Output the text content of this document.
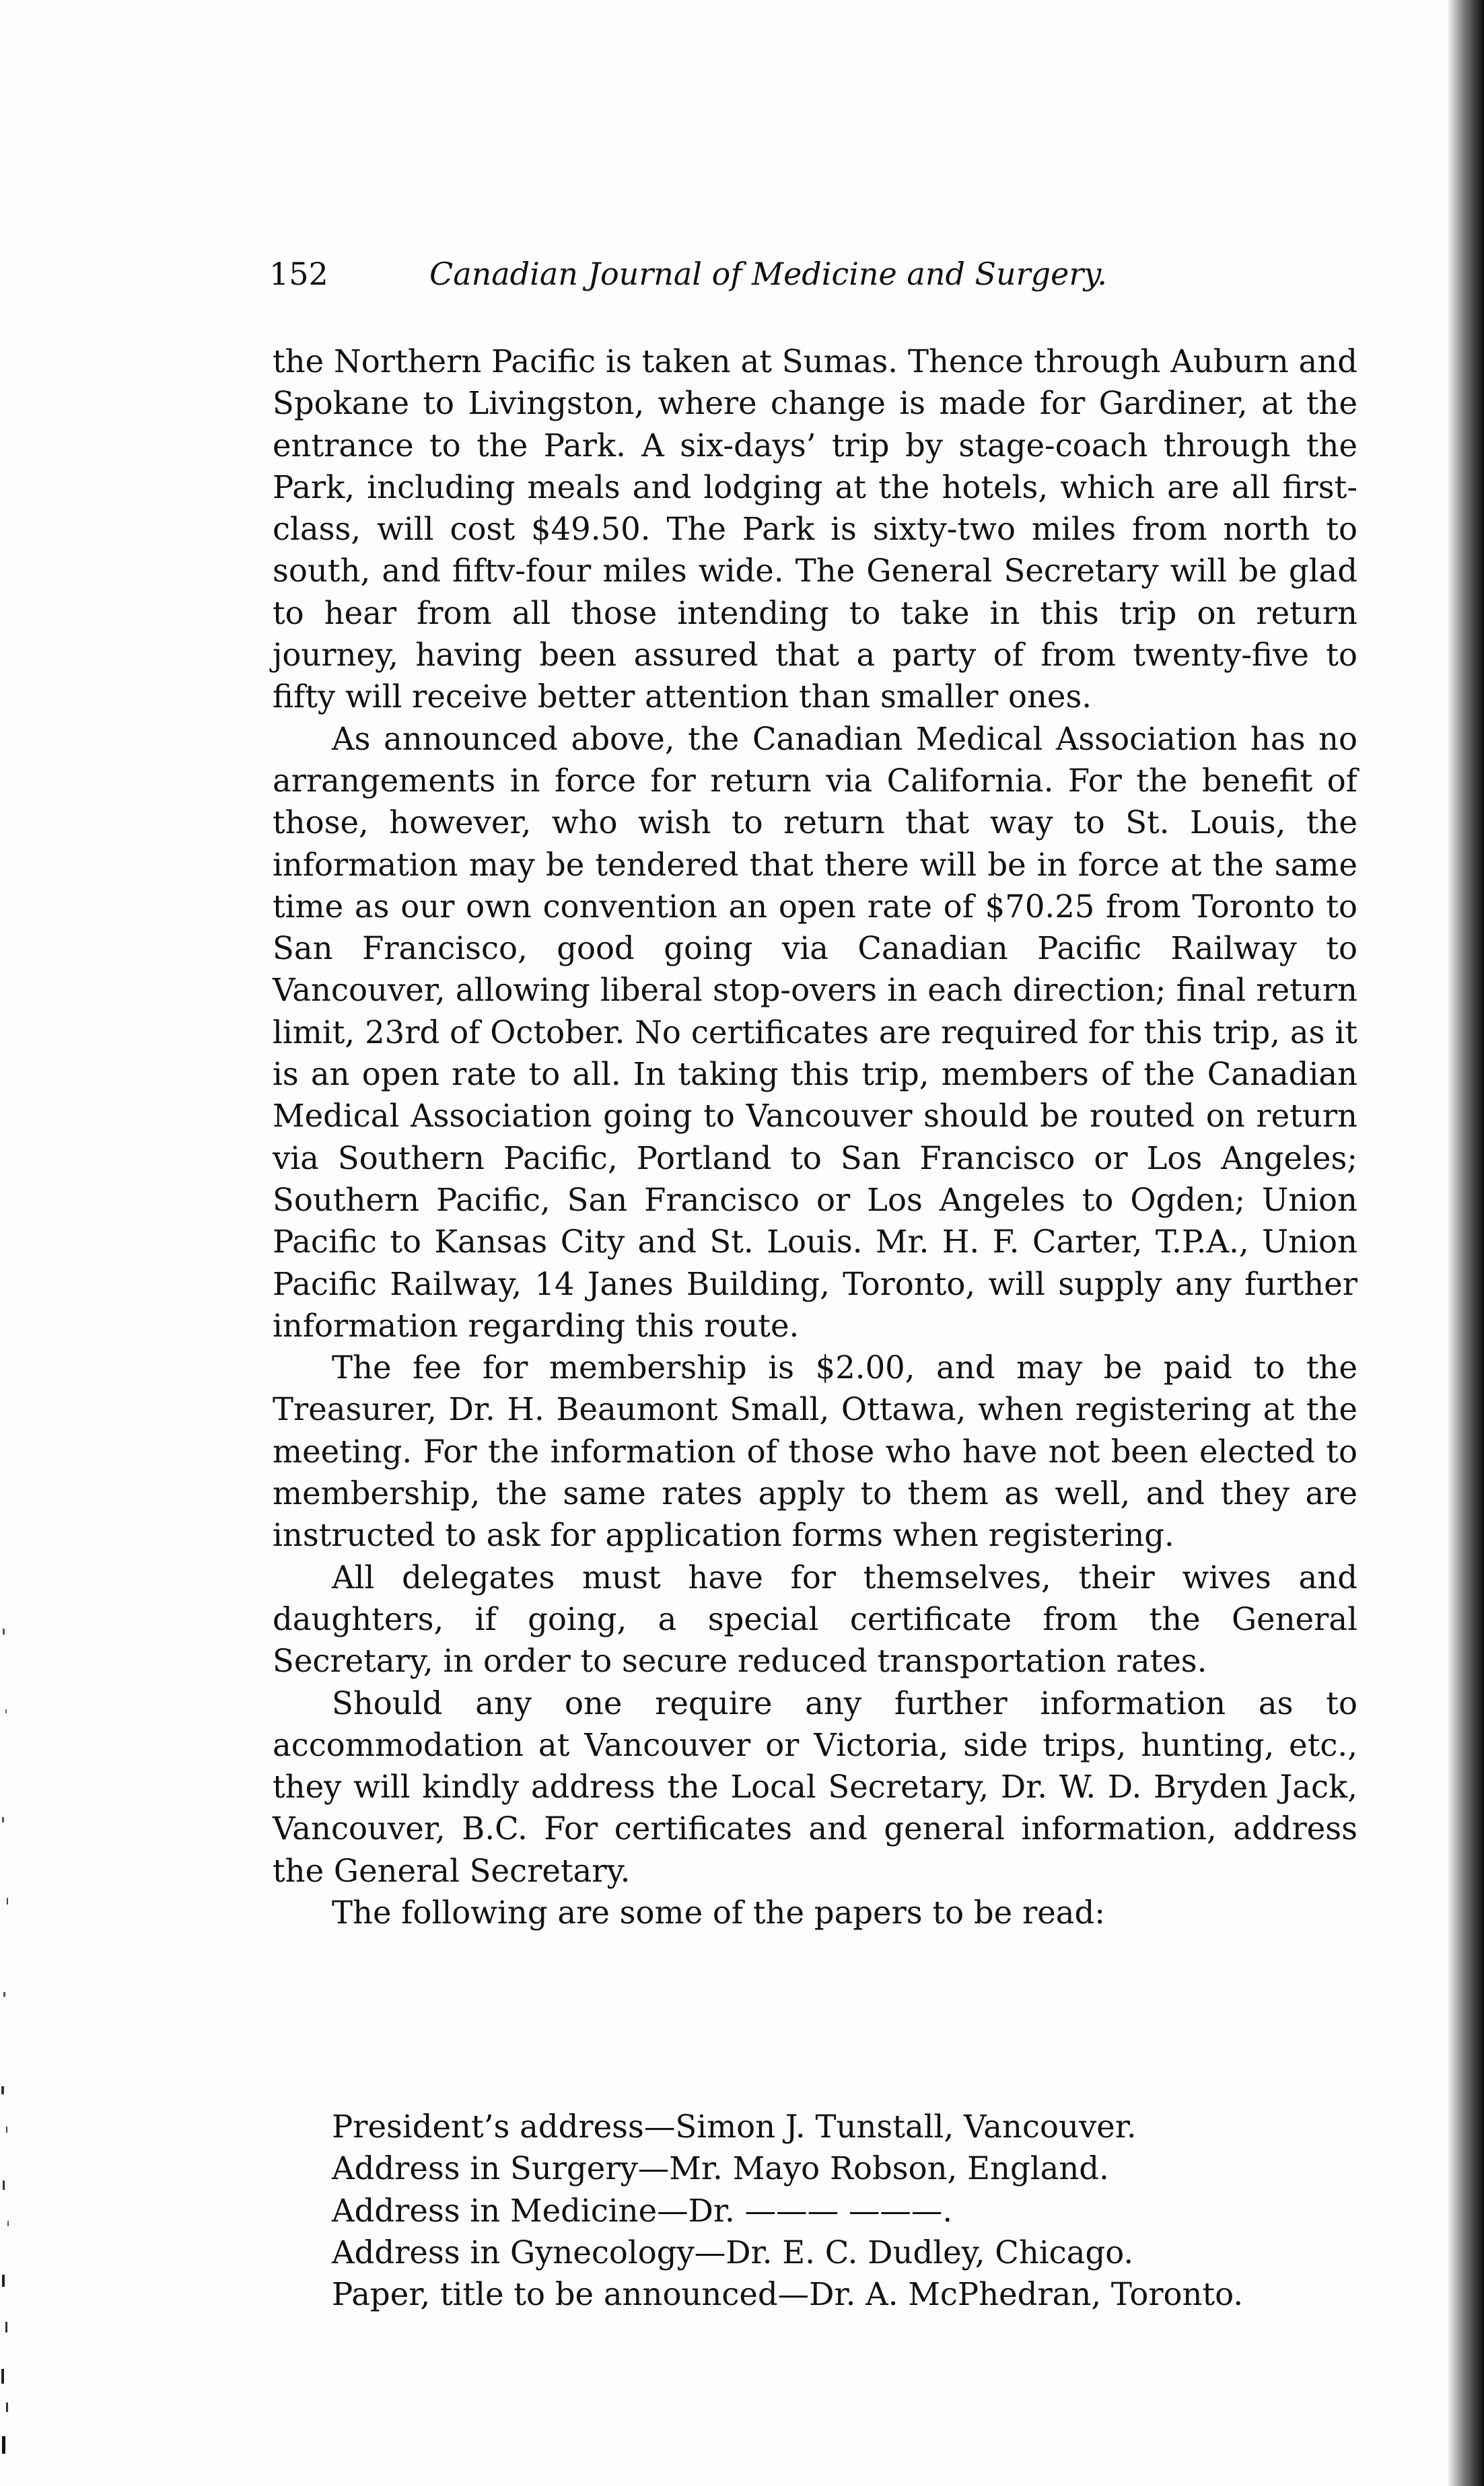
152	Canadian Journal of Medicine and Surgery.

the Northern Pacific is taken at Sumas. Thence through Auburn and Spokane to Livingston, where change is made for Gardiner, at the entrance to the Park. A six-days’ trip by stage-coach through the Park, including meals and lodging at the hotels, which are all first-class, will cost $49.50. The Park is sixty-two miles from north to south, and fiftv-four miles wide. The General Secretary will be glad to hear from all those intending to take in this trip on return journey, having been assured that a party of from twenty-five to fifty will receive better attention than smaller ones.

As announced above, the Canadian Medical Association has no arrangements in force for return via California. For the benefit of those, however, who wish to return that way to St. Louis, the information may be tendered that there will be in force at the same time as our own convention an open rate of $70.25 from Toronto to San Francisco, good going via Canadian Pacific Railway to Vancouver, allowing liberal stop-overs in each direction; final return limit, 23rd of October. No certificates are required for this trip, as it is an open rate to all. In taking this trip, members of the Canadian Medical Association going to Vancouver should be routed on return via Southern Pacific, Portland to San Francisco or Los Angeles; Southern Pacific, San Francisco or Los Angeles to Ogden; Union Pacific to Kansas City and St. Louis. Mr. H. F. Carter, T.P.A., Union Pacific Railway, 14 Janes Building, Toronto, will supply any further information regarding this route.

The fee for membership is $2.00, and may be paid to the Treasurer, Dr. H. Beaumont Small, Ottawa, when registering at the meeting. For the information of those who have not been elected to membership, the same rates apply to them as well, and they are instructed to ask for application forms when registering.

All delegates must have for themselves, their wives and daughters, if going, a special certificate from the General Secretary, in order to secure reduced transportation rates.

Should any one require any further information as to accommodation at Vancouver or Victoria, side trips, hunting, etc., they will kindly address the Local Secretary, Dr. W. D. Bryden Jack, Vancouver, B.C. For certificates and general information, address the General Secretary.

The following are some of the papers to be read:

President’s address—Simon J. Tunstall, Vancouver.
Address in Surgery—Mr. Mayo Robson, England.
Address in Medicine—Dr. ——— ———.
Address in Gynecology—Dr. E. C. Dudley, Chicago.
Paper, title to be announced—Dr. A. McPhedran, Toronto.
